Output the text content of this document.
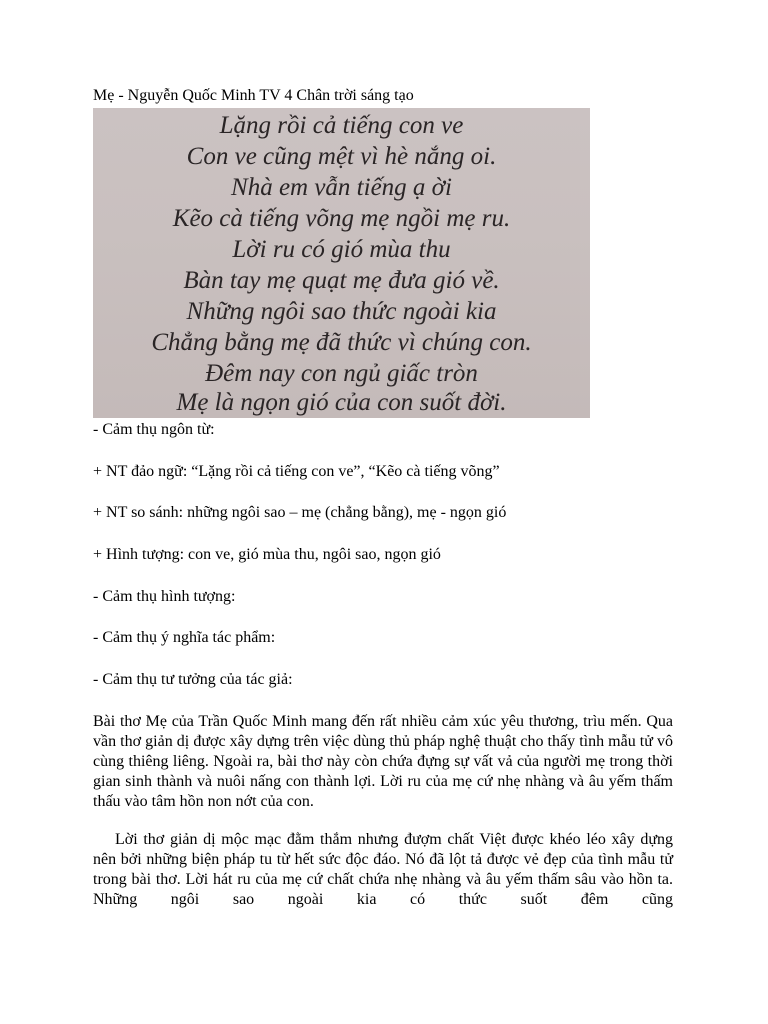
Mẹ - Nguyễn Quốc Minh TV 4 Chân trời sáng tạo
Lặng rồi cả tiếng con ve
Con ve cũng mệt vì hè nắng oi.
Nhà em vẫn tiếng ạ ời
Kẽo cà tiếng võng mẹ ngồi mẹ ru.
Lời ru có gió mùa thu
Bàn tay mẹ quạt mẹ đưa gió về.
Những ngôi sao thức ngoài kia
Chẳng bằng mẹ đã thức vì chúng con.
Đêm nay con ngủ giấc tròn
Mẹ là ngọn gió của con suốt đời.
- Cảm thụ ngôn từ:
+ NT đảo ngữ: “Lặng rồi cả tiếng con ve”, “Kẽo cà tiếng võng”
+ NT so sánh: những ngôi sao – mẹ (chẳng bằng), mẹ - ngọn gió
+ Hình tượng: con ve, gió mùa thu, ngôi sao, ngọn gió
- Cảm thụ hình tượng:
- Cảm thụ ý nghĩa tác phẩm:
- Cảm thụ tư tưởng của tác giả:
Bài thơ Mẹ của Trần Quốc Minh mang đến rất nhiều cảm xúc yêu thương, trìu mến. Qua vần thơ giản dị được xây dựng trên việc dùng thủ pháp nghệ thuật cho thấy tình mẫu tử vô cùng thiêng liêng. Ngoài ra, bài thơ này còn chứa đựng sự vất vả của người mẹ trong thời gian sinh thành và nuôi nấng con thành lợi. Lời ru của mẹ cứ nhẹ nhàng và âu yếm thấm thấu vào tâm hồn non nớt của con.
Lời thơ giản dị mộc mạc đằm thắm nhưng đượm chất Việt được khéo léo xây dựng nên bởi những biện pháp tu từ hết sức độc đáo. Nó đã lột tả được vẻ đẹp của tình mẫu tử trong bài thơ. Lời hát ru của mẹ cứ chất chứa nhẹ nhàng và âu yếm thấm sâu vào hồn ta. Những ngôi sao ngoài kia có thức suốt đêm cũng
